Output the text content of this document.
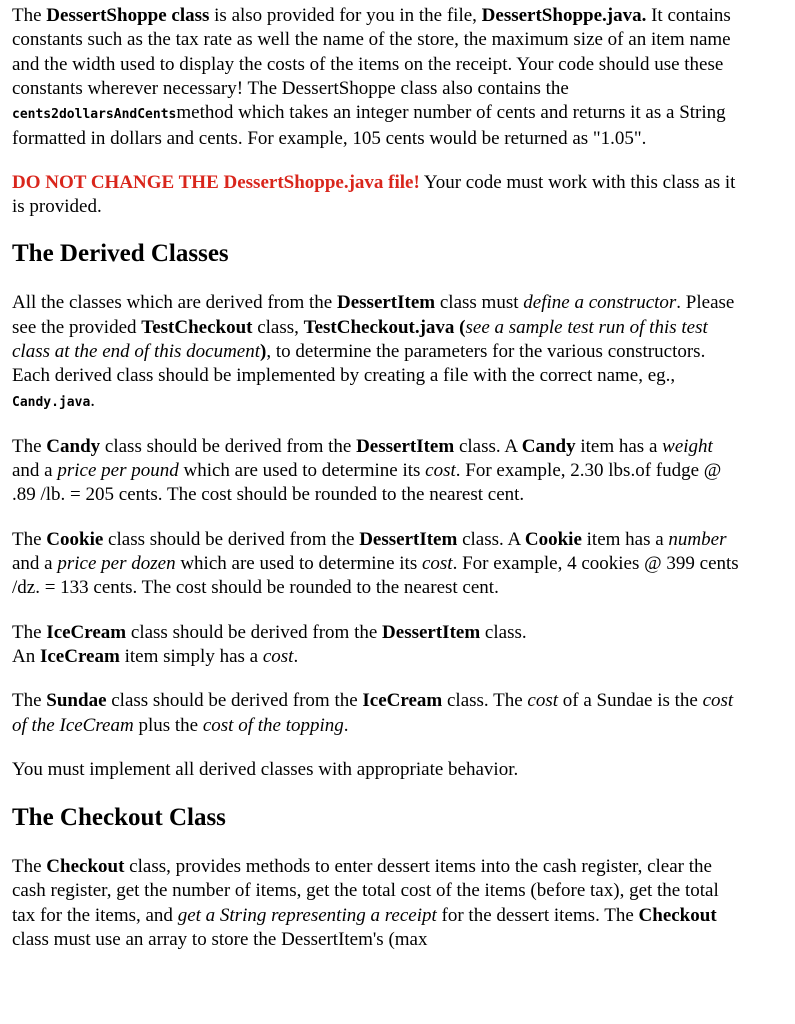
The DessertShoppe class is also provided for you in the file, DessertShoppe.java. It contains constants such as the tax rate as well the name of the store, the maximum size of an item name and the width used to display the costs of the items on the receipt. Your code should use these constants wherever necessary! The DessertShoppe class also contains the cents2dollarsAndCentsmethod which takes an integer number of cents and returns it as a String formatted in dollars and cents. For example, 105 cents would be returned as "1.05".

DO NOT CHANGE THE DessertShoppe.java file! Your code must work with this class as it is provided.

The Derived Classes

All the classes which are derived from the DessertItem class must define a constructor. Please see the provided TestCheckout class, TestCheckout.java (see a sample test run of this test class at the end of this document), to determine the parameters for the various constructors. Each derived class should be implemented by creating a file with the correct name, eg., Candy.java.

The Candy class should be derived from the DessertItem class. A Candy item has a weight and a price per pound which are used to determine its cost. For example, 2.30 lbs.of fudge @ .89 /lb. = 205 cents. The cost should be rounded to the nearest cent.

The Cookie class should be derived from the DessertItem class. A Cookie item has a number and a price per dozen which are used to determine its cost. For example, 4 cookies @ 399 cents /dz. = 133 cents. The cost should be rounded to the nearest cent.

The IceCream class should be derived from the DessertItem class.
An IceCream item simply has a cost.

The Sundae class should be derived from the IceCream class. The cost of a Sundae is the cost of the IceCream plus the cost of the topping.

You must implement all derived classes with appropriate behavior.

The Checkout Class

The Checkout class, provides methods to enter dessert items into the cash register, clear the cash register, get the number of items, get the total cost of the items (before tax), get the total tax for the items, and get a String representing a receipt for the dessert items. The Checkout class must use an array to store the DessertItem's (max
